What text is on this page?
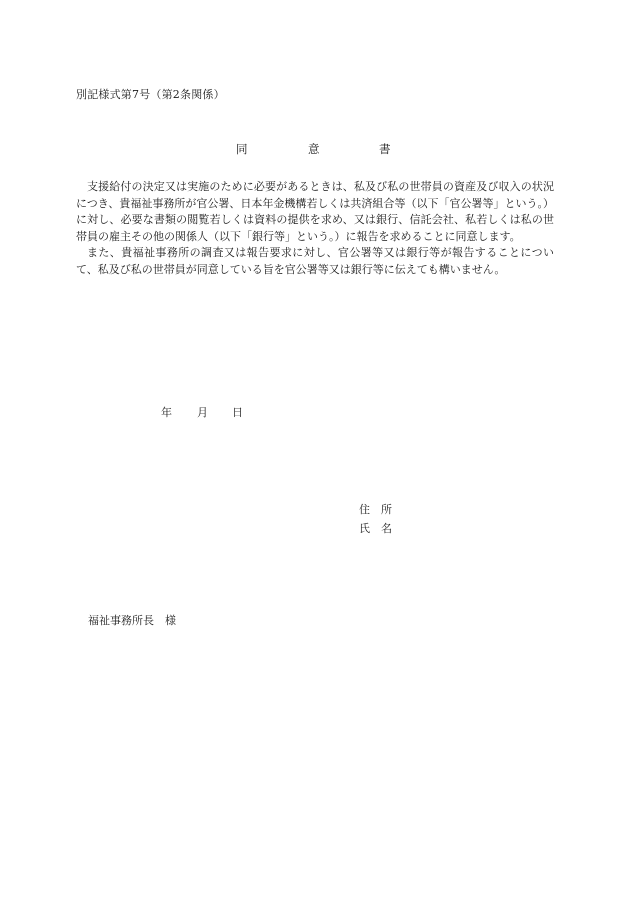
別記様式第7号（第2条関係）
同	意	書

支援給付の決定又は実施のために必要があるときは、私及び私の世帯員の資産及び収入の状況につき、貴福祉事務所が官公署、日本年金機構若しくは共済組合等（以下「官公署等」という。）に対し、必要な書類の閲覧若しくは資料の提供を求め、又は銀行、信託会社、私若しくは私の世帯員の雇主その他の関係人（以下「銀行等」という。）に報告を求めることに同意します。

また、貴福祉事務所の調査又は報告要求に対し、官公署等又は銀行等が報告することについて、私及び私の世帯員が同意している旨を官公署等又は銀行等に伝えても構いません。

年 月 日
住　所
氏　名
福祉事務所長　様
